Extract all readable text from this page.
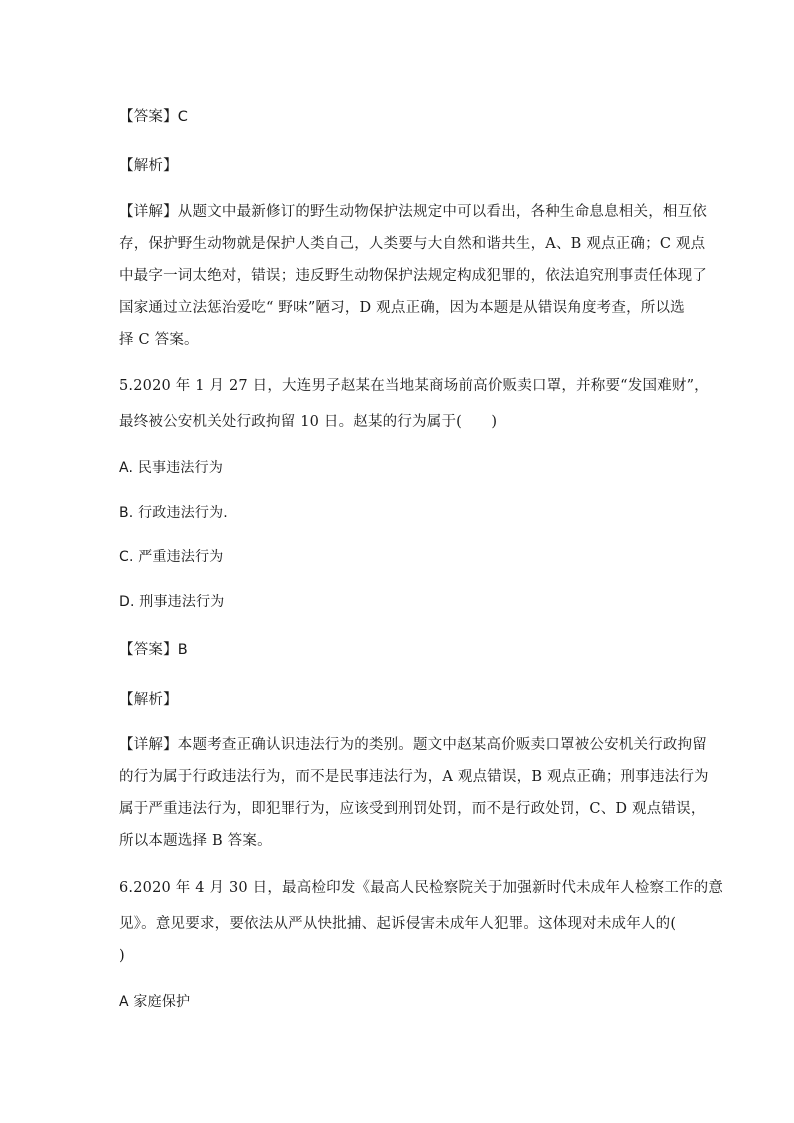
【答案】C
【解析】
【详解】从题文中最新修订的野生动物保护法规定中可以看出，各种生命息息相关，相互依
存，保护野生动物就是保护人类自己，人类要与大自然和谐共生，A、B 观点正确；C 观点
中最字一词太绝对，错误；违反野生动物保护法规定构成犯罪的，依法追究刑事责任体现了
国家通过立法惩治爱吃“ 野味”陋习，D 观点正确，因为本题是从错误角度考查，所以选
择 C 答案。
5.2020 年 1 月 27 日，大连男子赵某在当地某商场前高价贩卖口罩，并称要“发国难财”，
最终被公安机关处行政拘留 10 日。赵某的行为属于(　　)
A. 民事违法行为
B. 行政违法行为.
C. 严重违法行为
D. 刑事违法行为
【答案】B
【解析】
【详解】本题考查正确认识违法行为的类别。题文中赵某高价贩卖口罩被公安机关行政拘留
的行为属于行政违法行为，而不是民事违法行为，A 观点错误，B 观点正确；刑事违法行为
属于严重违法行为，即犯罪行为，应该受到刑罚处罚，而不是行政处罚，C、D 观点错误，
所以本题选择 B 答案。
6.2020 年 4 月 30 日，最高检印发《最高人民检察院关于加强新时代未成年人检察工作的意
见》。意见要求，要依法从严从快批捕、起诉侵害未成年人犯罪。这体现对未成年人的(
)
A 家庭保护
